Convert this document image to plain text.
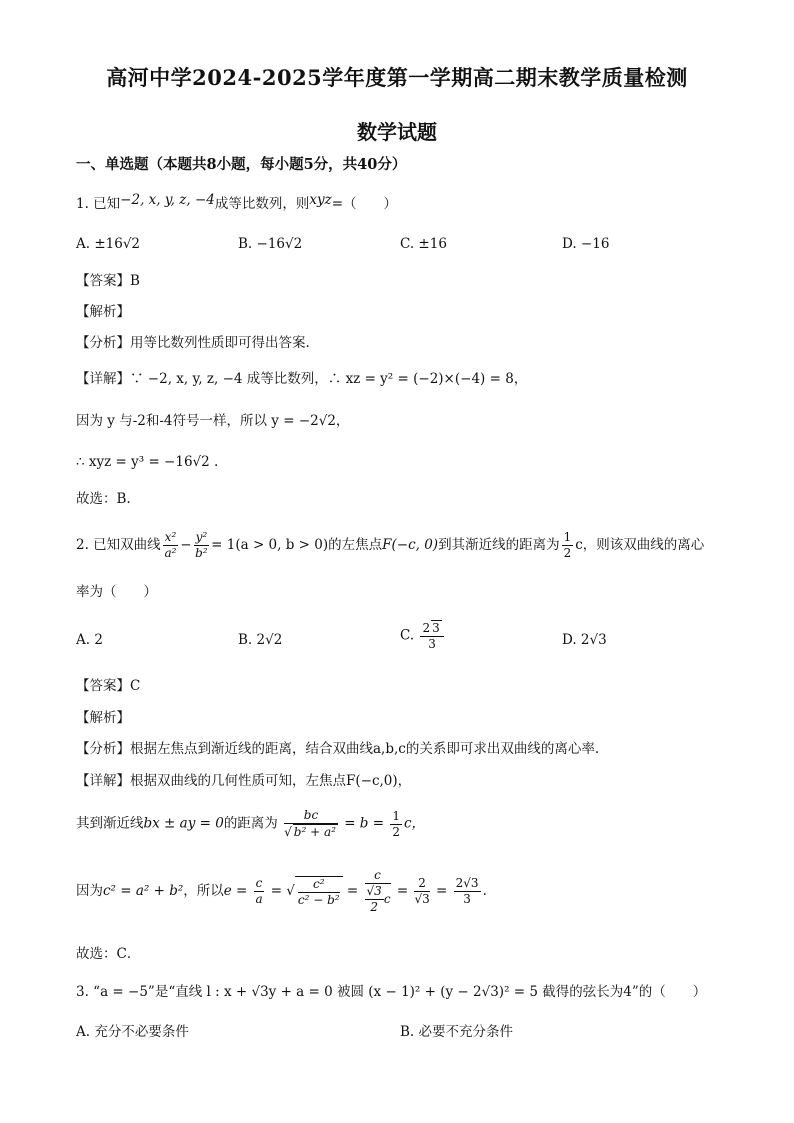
高河中学2024-2025学年度第一学期高二期末教学质量检测
数学试题
一、单选题（本题共8小题，每小题5分，共40分）
1. 已知−2, x, y, z, −4成等比数列，则xyz=（　　）
A. ±16√2	B. −16√2	C. ±16	D. −16
【答案】B
【解析】
【分析】用等比数列性质即可得出答案.
【详解】∵ −2, x, y, z, −4 成等比数列，∴ xz = y² = (−2)×(−4) = 8，
因为 y 与-2和-4符号一样，所以 y = −2√2，
∴ xyz = y³ = −16√2 .
故选：B.
2. 已知双曲线 $\frac{\text{x²}}{\text{a²}} - \frac{\text{y²}}{\text{b²}} = 1(a > 0$, b > 0)的左焦点F(−c, 0)到其渐近线的距离为 $\frac{1}{2}$ c，则该双曲线的离心
率为（　　）
A. 2	B. 2√2	C. $\frac{2 3}{3}$	D. 2√3
【答案】C
【解析】
【分析】根据左焦点到渐近线的距离，结合双曲线a,b,c的关系即可求出双曲线的离心率.
【详解】根据双曲线的几何性质可知，左焦点F(−c,0)，
其到渐近线bx ± ay = 0的距离为 $\frac{bc}{\text{√ b² + a²}} = b = \frac{1}{2}$ c，
因为c² = a² + b²，所以$e = \frac{c}{a}$ = √ $\frac{\text{c²}}{\text{c² − b²}} = \frac{c}{\frac{√3}{2} c} = \frac{2}{√3} = \frac{2√3}{3}$ .
故选：C．
3. “a = −5”是“直线 l : x + √3y + a = 0 被圆 (x − 1)² + (y − 2√3)² = 5 截得的弦长为4”的（　　）
A. 充分不必要条件	B. 必要不充分条件
